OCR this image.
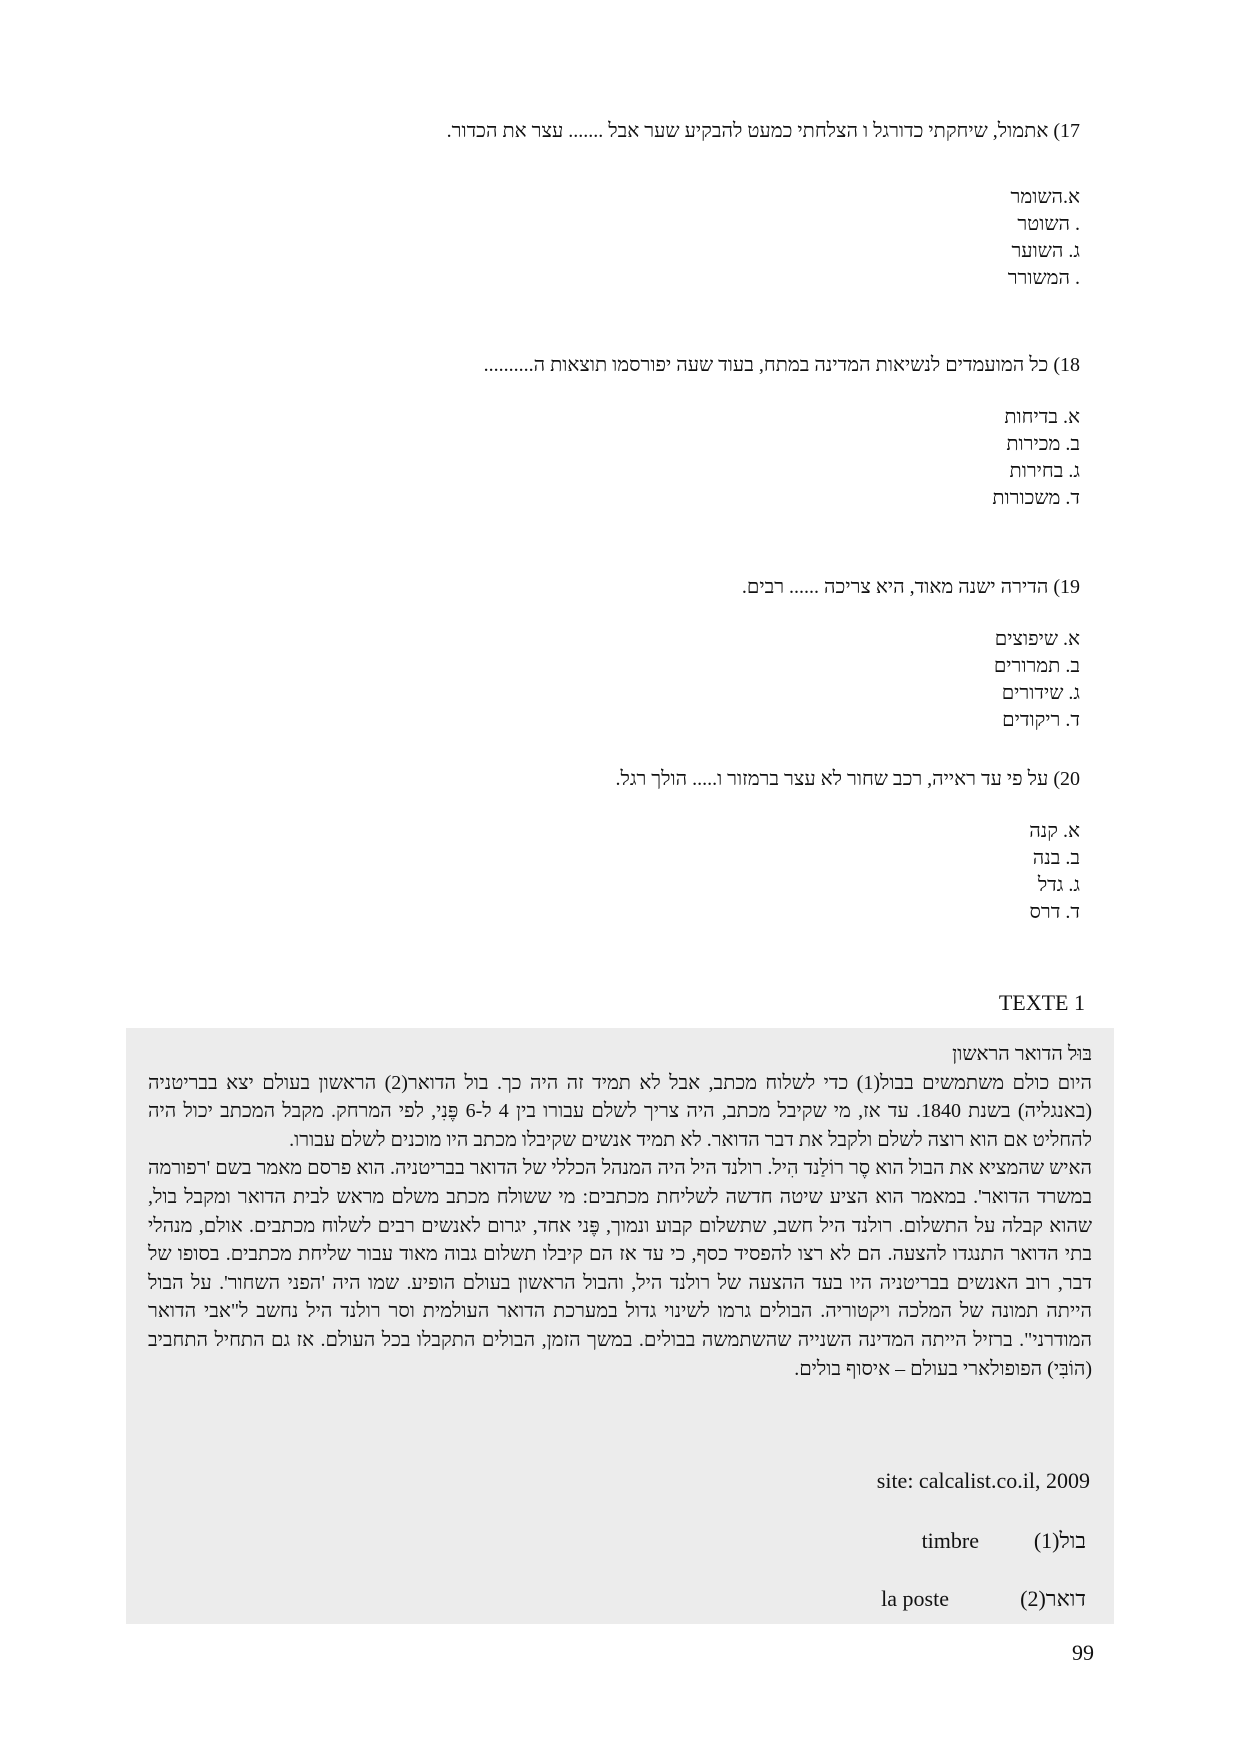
17) אתמול, שיחקתי כדורגל ו הצלחתי כמעט להבקיע שער אבל ....... עצר את הכדור.
א.השומר
. השוטר
ג. השוער
. המשורר
18) כל המועמדים לנשיאות המדינה במתח, בעוד שעה יפורסמו תוצאות ה..........
א. בדיחות
ב. מכירות
ג. בחירות
ד. משכורות
19) הדירה ישנה מאוד, היא צריכה ...... רבים.
א. שיפוצים
ב. תמרורים
ג. שידורים
ד. ריקודים
20) על פי עד ראייה, רכב שחור לא עצר ברמזור ו..... הולך רגל.
א. קנה
ב. בנה
ג. גדל
ד. דרס
TEXTE 1

בּוּל הדואר הראשון

היום כולם משתמשים בבול(1) כדי לשלוח מכתב, אבל לא תמיד זה היה כך. בול הדואר(2) הראשון בעולם יצא בבריטניה (באנגליה) בשנת 1840. עד אז, מי שקיבל מכתב, היה צריך לשלם עבורו בין 4 ל-6 פֶּנִי, לפי המרחק. מקבל המכתב יכול היה להחליט אם הוא רוצה לשלם ולקבל את דבר הדואר. לא תמיד אנשים שקיבלו מכתב היו מוכנים לשלם עבורו.

האיש שהמציא את הבול הוא סֶר רוֹלַנד הִיל. רולנד היל היה המנהל הכללי של הדואר בבריטניה. הוא פרסם מאמר בשם 'רפורמה במשרד הדואר'. במאמר הוא הציע שיטה חדשה לשליחת מכתבים: מי ששולח מכתב משלם מראש לבית הדואר ומקבל בול, שהוא קבלה על התשלום. רולנד היל חשב, שתשלום קבוע ונמוך, פֶּני אחד, יגרום לאנשים רבים לשלוח מכתבים. אולם, מנהלי בתי הדואר התנגדו להצעה. הם לא רצו להפסיד כסף, כי עד אז הם קיבלו תשלום גבוה מאוד עבור שליחת מכתבים. בסופו של דבר, רוב האנשים בבריטניה היו בעד ההצעה של רולנד היל, והבול הראשון בעולם הופיע. שמו היה 'הפני השחור'. על הבול הייתה תמונה של המלכה ויקטוריה. הבולים גרמו לשינוי גדול במערכת הדואר העולמית וסר רולנד היל נחשב ל"אבי הדואר המודרני". ברזיל הייתה המדינה השנייה שהשתמשה בבולים. במשך הזמן, הבולים התקבלו בכל העולם. אז גם התחיל התחביב (הוֹבִּי) הפופולארי בעולם – איסוף בולים.

site: calcalist.co.il, 2009
בול(1)
timbre
דואר(2)
la poste
99
